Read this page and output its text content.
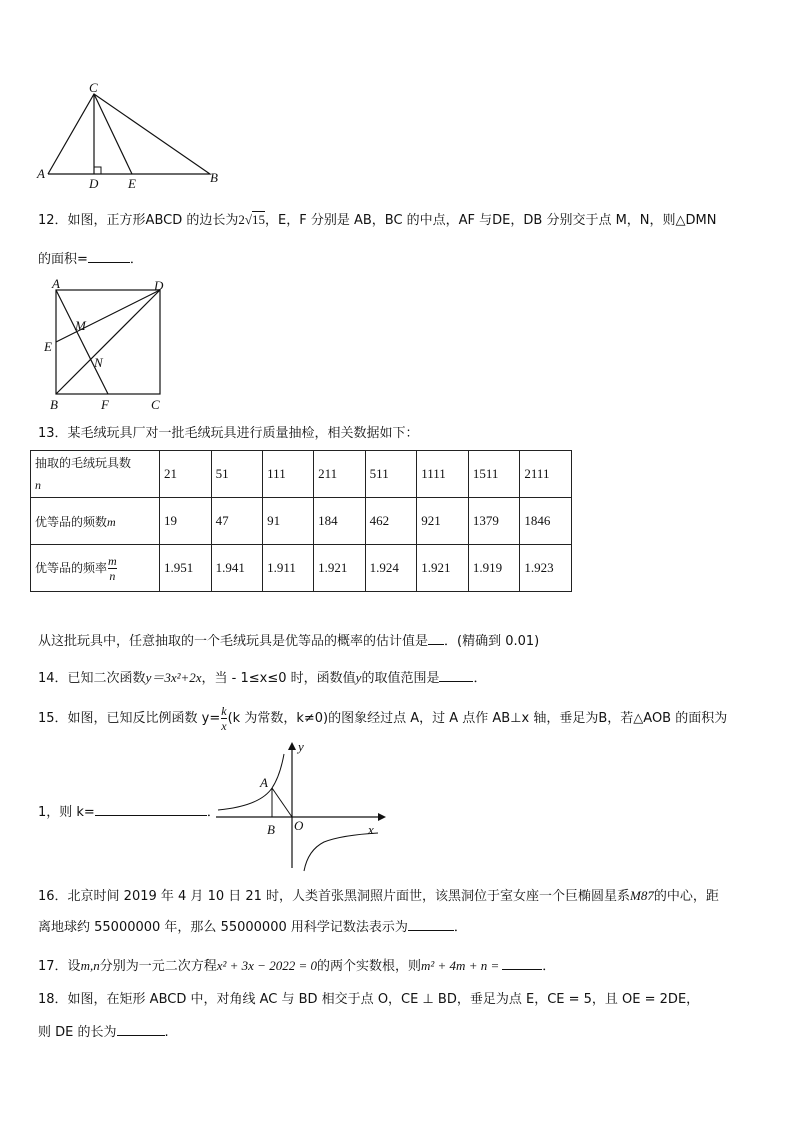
C
A
D E	B
12．如图，正方形ABCD 的边长为2√15，E，F 分别是 AB，BC 的中点，AF 与DE，DB 分别交于点 M，N，则△DMN
的面积=	．
A	D
M
E
N
B	F	C
13．某毛绒玩具厂对一批毛绒玩具进行质量抽检，相关数据如下：
抽取的毛绒玩具数
n	21	51	111	211	511	1111	1511	2111
优等品的频数m	19	47	91	184	462	921	1379	1846
优等品的频率 $\frac{m}{n}$	1.951	1.941	1.911	1.921	1.924	1.921	1.919	1.923
从这批玩具中，任意抽取的一个毛绒玩具是优等品的概率的估计值是 ．(精确到 0.01)
14．已知二次函数y＝3x²+2x，当 - 1≤x≤0 时，函数值y的取值范围是	．
15．如图，已知反比例函数 $y= \frac{k}{x} (k$ 为常数，k≠0)的图象经过点 A，过 A 点作 AB⊥x 轴，垂足为B，若△AOB 的面积为
1，则 k=	．
y
A
B O	x
16．北京时间 2019 年 4 月 10 日 21 时，人类首张黑洞照片面世，该黑洞位于室女座一个巨椭圆星系M87的中心，距
离地球约 55000000 年，那么 55000000 用科学记数法表示为	．
17．设m,n分别为一元二次方程x² + 3x − 2022 = 0的两个实数根，则m² + 4m + n =	．
18．如图，在矩形 ABCD 中，对角线 AC 与 BD 相交于点 O，CE ⊥ BD，垂足为点 E，CE = 5，且 OE = 2DE，
则 DE 的长为	.
